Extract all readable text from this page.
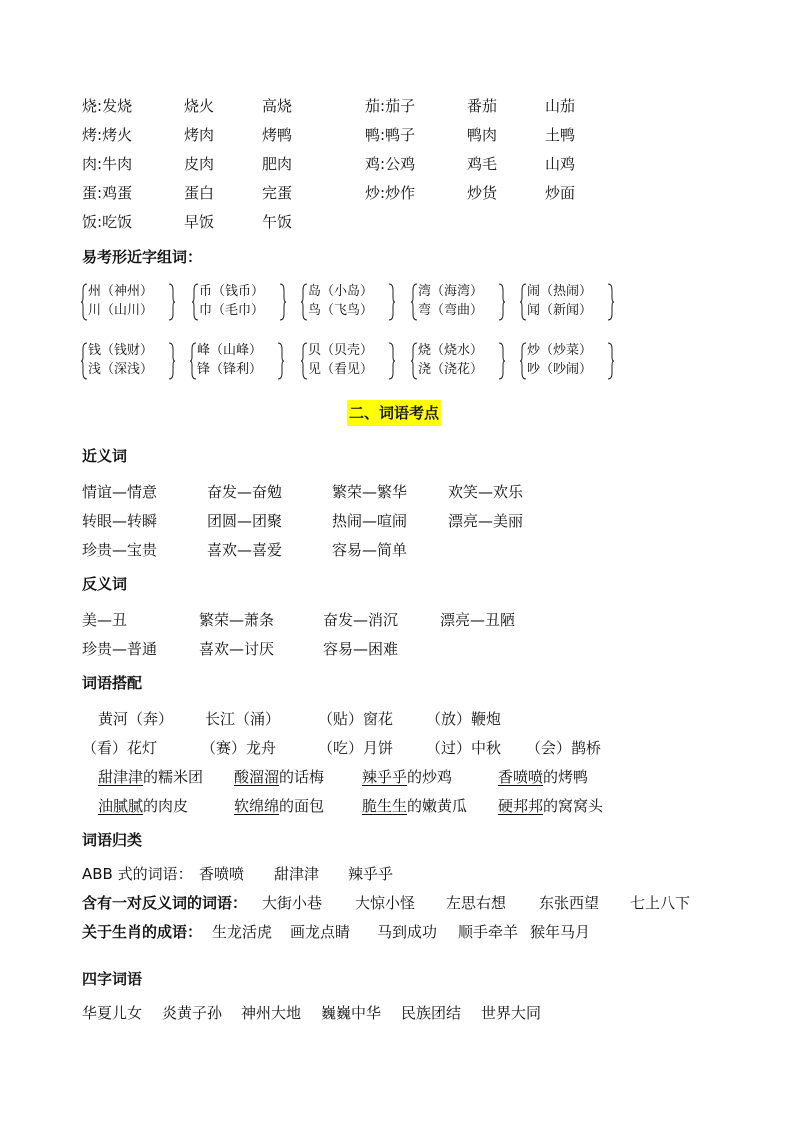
烧:发烧	烧火	高烧	茄:茄子	番茄	山茄
烤:烤火	烤肉	烤鸭	鸭:鸭子	鸭肉	土鸭
肉:牛肉	皮肉	肥肉	鸡:公鸡	鸡毛	山鸡
蛋:鸡蛋	蛋白	完蛋	炒:炒作	炒货	炒面
饭:吃饭	早饭	午饭
易考形近字组词：
州（神州）
川（山川）
币（钱币）
巾（毛巾）
岛（小岛）
鸟（飞鸟）
湾（海湾）
弯（弯曲）
闹（热闹）
闻（新闻）
钱（钱财）
浅（深浅）
峰（山峰）
锋（锋利）
贝（贝壳）
见（看见）
烧（烧水）
浇（浇花）
炒（炒菜）
吵（吵闹）
二、词语考点
近义词
情谊—情意	奋发—奋勉	繁荣—繁华	欢笑—欢乐
转眼—转瞬	团圆—团聚	热闹—喧闹	漂亮—美丽
珍贵—宝贵	喜欢—喜爱	容易—简单
反义词
美—丑	繁荣—萧条	奋发—消沉	漂亮—丑陋
珍贵—普通	喜欢—讨厌	容易—困难
词语搭配
黄河（奔） 长江（涌）	（贴）窗花 （放）鞭炮
（看）花灯	（赛）龙舟	（吃）月饼 （过）中秋 （会）鹊桥
甜津津的糯米团 酸溜溜的话梅	辣乎乎的炒鸡	香喷喷的烤鸭
油腻腻的肉皮	软绵绵的面包	脆生生的嫩黄瓜 硬邦邦的窝窝头
词语归类
ABB 式的词语： 香喷喷 甜津津 辣乎乎
含有一对反义词的词语： 大街小巷 大惊小怪 左思右想 东张西望 七上八下
关于生肖的成语： 生龙活虎 画龙点睛 马到成功 顺手牵羊 猴年马月
四字词语
华夏儿女 炎黄子孙 神州大地 巍巍中华 民族团结 世界大同
